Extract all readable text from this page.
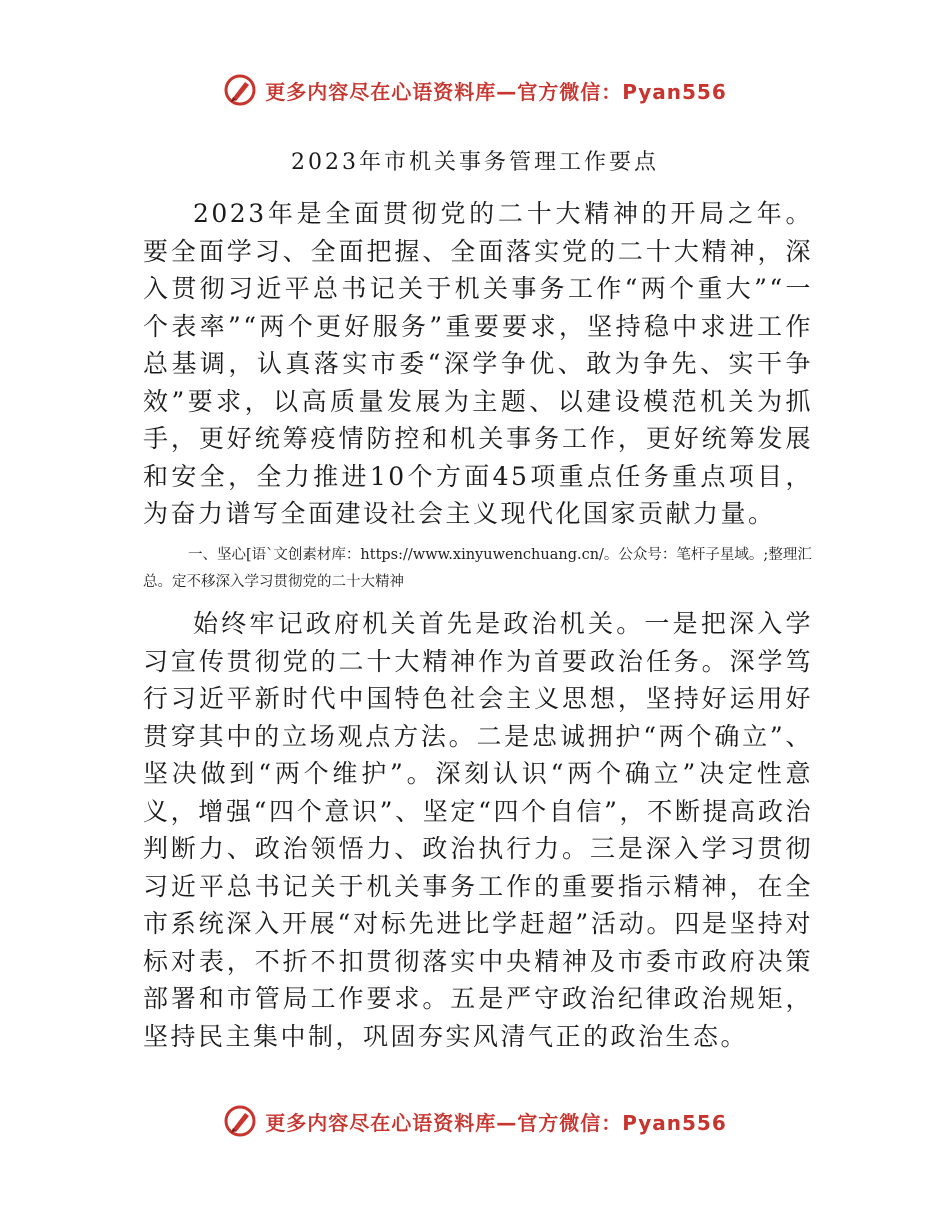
更多内容尽在心语资料库—官方微信：Pyan556
2023年市机关事务管理工作要点

2023年是全面贯彻党的二十大精神的开局之年。要全面学习、全面把握、全面落实党的二十大精神，深入贯彻习近平总书记关于机关事务工作“两个重大”“一个表率”“两个更好服务”重要要求，坚持稳中求进工作总基调，认真落实市委“深学争优、敢为争先、实干争效”要求，以高质量发展为主题、以建设模范机关为抓手，更好统筹疫情防控和机关事务工作，更好统筹发展和安全，全力推进10个方面45项重点任务重点项目，为奋力谱写全面建设社会主义现代化国家贡献力量。

一、坚心[语`文创素材库：https://www.xinyuwenchuang.cn/。公众号：笔杆子星域。;整理汇总。定不移深入学习贯彻党的二十大精神

始终牢记政府机关首先是政治机关。一是把深入学习宣传贯彻党的二十大精神作为首要政治任务。深学笃行习近平新时代中国特色社会主义思想，坚持好运用好贯穿其中的立场观点方法。二是忠诚拥护“两个确立”、坚决做到“两个维护”。深刻认识“两个确立”决定性意义，增强“四个意识”、坚定“四个自信”，不断提高政治判断力、政治领悟力、政治执行力。三是深入学习贯彻习近平总书记关于机关事务工作的重要指示精神，在全市系统深入开展“对标先进比学赶超”活动。四是坚持对标对表，不折不扣贯彻落实中央精神及市委市政府决策部署和市管局工作要求。五是严守政治纪律政治规矩，坚持民主集中制，巩固夯实风清气正的政治生态。

更多内容尽在心语资料库—官方微信：Pyan556
